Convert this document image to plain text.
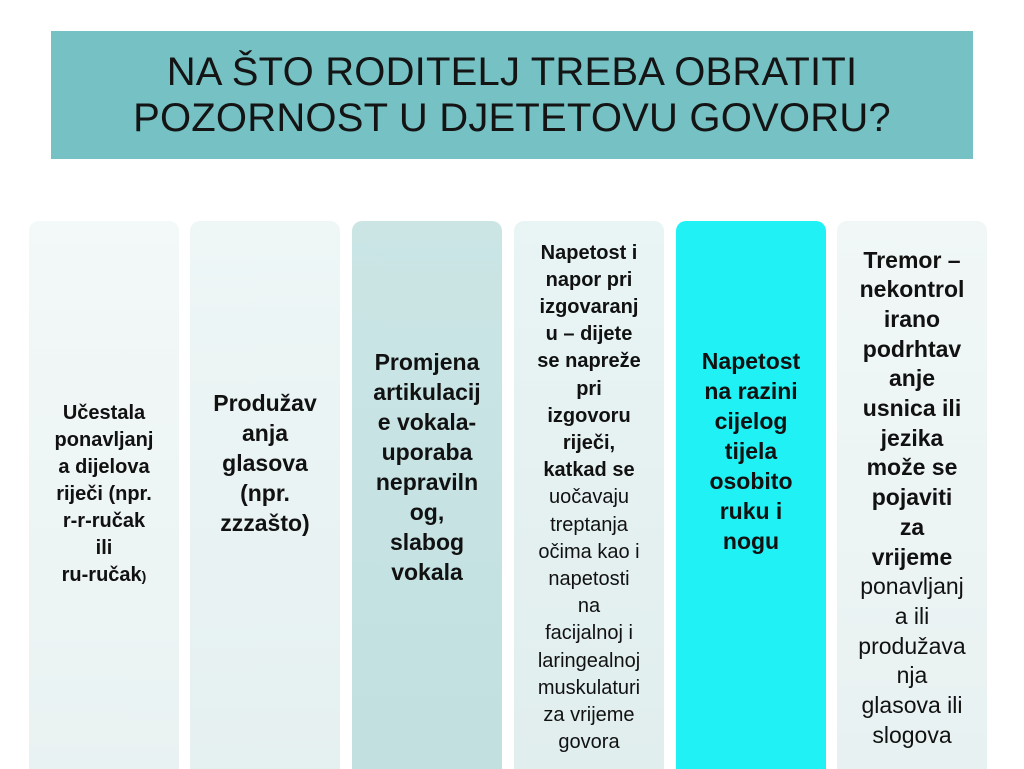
NA ŠTO RODITELJ TREBA OBRATITI
POZORNOST U DJETETOVU GOVORU?
Učestala
ponavljanj
a dijelova
riječi (npr.
r-r-ručak
ili
ru-ručak)
Produžav
anja
glasova
(npr.
zzzašto)
Promjena
artikulacij
e vokala-
uporaba
nepraviln
og,
slabog
vokala
Napetost i
napor pri
izgovaranj
u – dijete
se napreže
pri
izgovoru
riječi,
katkad se
uočavaju
treptanja
očima kao i
napetosti
na
facijalnoj i
laringealnoj
muskulaturi
za vrijeme
govora
Napetost
na razini
cijelog
tijela
osobito
ruku i
nogu
Tremor –
nekontrol
irano
podrhtav
anje
usnica ili
jezika
može se
pojaviti
za
vrijeme
ponavljanj
a ili
produžava
nja
glasova ili
slogova
